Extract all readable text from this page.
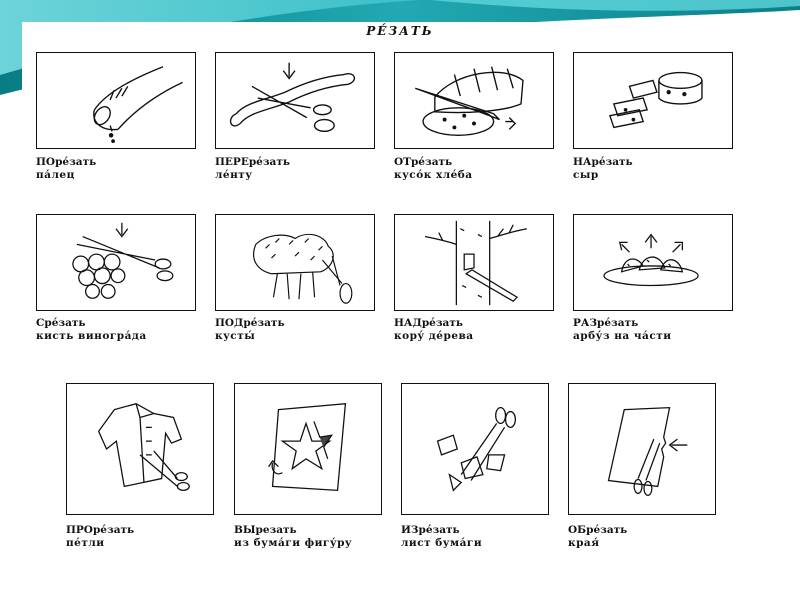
РЕ́ЗАТЬ
ПОре́зать
па́лец
ПЕРЕре́зать
ле́нту
ОТре́зать
кусо́к хле́ба
НАре́зать
сыр
Сре́зать
кисть виногра́да
ПОДре́зать
кусты́
НАДре́зать
кору́ де́рева
РАЗре́зать
арбу́з на ча́сти
ПРОре́зать
пе́тли
ВЫрезать
из бума́ги фигу́ру
ИЗре́зать
лист бума́ги
ОБре́зать
края́
